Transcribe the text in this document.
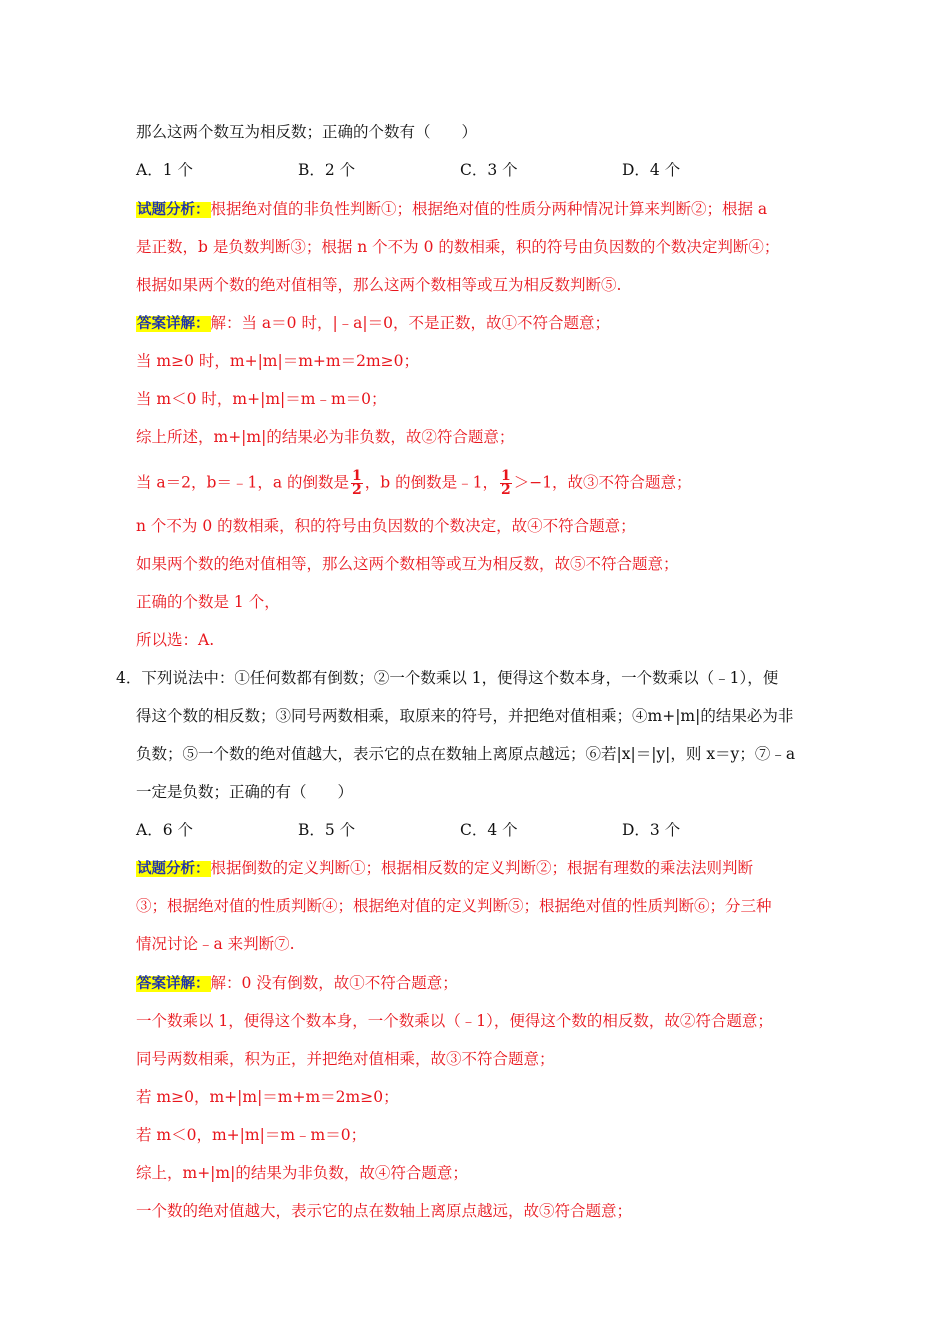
那么这两个数互为相反数；正确的个数有（　　）
A．1 个	B．2 个	C．3 个	D．4 个
试题分析：根据绝对值的非负性判断①；根据绝对值的性质分两种情况计算来判断②；根据 a
是正数，b 是负数判断③；根据 n 个不为 0 的数相乘，积的符号由负因数的个数决定判断④；
根据如果两个数的绝对值相等，那么这两个数相等或互为相反数判断⑤.
答案详解：解：当 a＝0 时，|﹣a|＝0，不是正数，故①不符合题意；
当 m≥0 时，m+|m|＝m+m＝2m≥0；
当 m＜0 时，m+|m|＝m﹣m＝0；
综上所述，m+|m|的结果必为非负数，故②符合题意；
当 a＝2，b＝﹣1，a 的倒数是 $\frac{1}{2}$ ，b 的倒数是﹣1， $\frac{1}{2} >-1$，故③不符合题意；
n 个不为 0 的数相乘，积的符号由负因数的个数决定，故④不符合题意；
如果两个数的绝对值相等，那么这两个数相等或互为相反数，故⑤不符合题意；
正确的个数是 1 个，
所以选：A.
4．下列说法中：①任何数都有倒数；②一个数乘以 1，便得这个数本身，一个数乘以（﹣1），便
得这个数的相反数；③同号两数相乘，取原来的符号，并把绝对值相乘；④m+|m|的结果必为非
负数；⑤一个数的绝对值越大，表示它的点在数轴上离原点越远；⑥若|x|＝|y|，则 x＝y；⑦﹣a
一定是负数；正确的有（　　）
A．6 个	B．5 个	C．4 个	D．3 个
试题分析：根据倒数的定义判断①；根据相反数的定义判断②；根据有理数的乘法法则判断
③；根据绝对值的性质判断④；根据绝对值的定义判断⑤；根据绝对值的性质判断⑥；分三种
情况讨论﹣a 来判断⑦.
答案详解：解：0 没有倒数，故①不符合题意；
一个数乘以 1，便得这个数本身，一个数乘以（﹣1），便得这个数的相反数，故②符合题意；
同号两数相乘，积为正，并把绝对值相乘，故③不符合题意；
若 m≥0，m+|m|＝m+m＝2m≥0；
若 m＜0，m+|m|＝m﹣m＝0；
综上，m+|m|的结果为非负数，故④符合题意；
一个数的绝对值越大，表示它的点在数轴上离原点越远，故⑤符合题意；
